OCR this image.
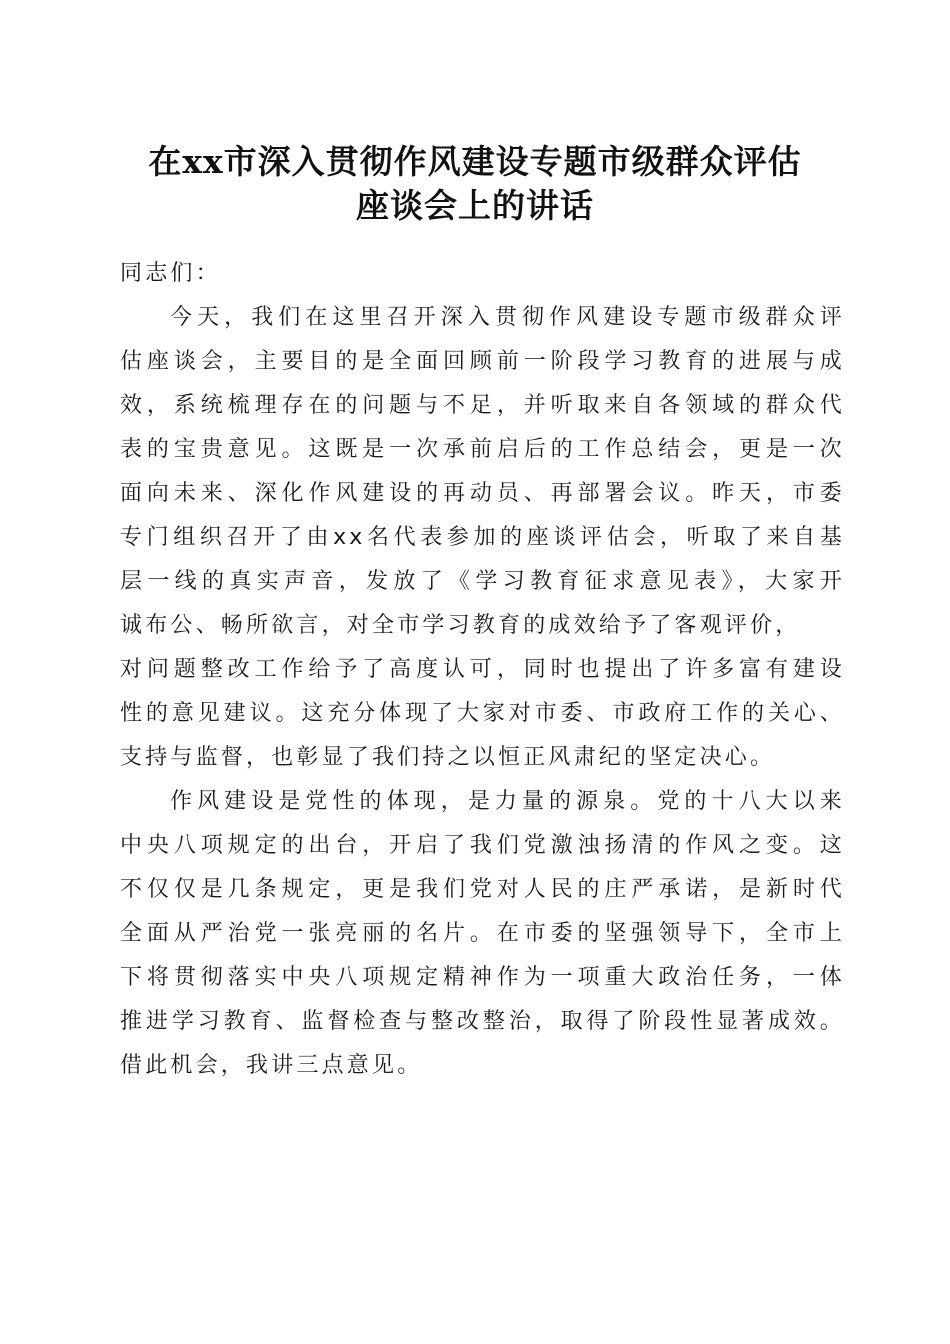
在xx市深入贯彻作风建设专题市级群众评估
座谈会上的讲话
同志们：
今天，我们在这里召开深入贯彻作风建设专题市级群众评
估座谈会，主要目的是全面回顾前一阶段学习教育的进展与成
效，系统梳理存在的问题与不足，并听取来自各领域的群众代
表的宝贵意见。这既是一次承前启后的工作总结会，更是一次
面向未来、深化作风建设的再动员、再部署会议。昨天，市委
专门组织召开了由xx名代表参加的座谈评估会，听取了来自基
层一线的真实声音，发放了《学习教育征求意见表》，大家开
诚布公、畅所欲言，对全市学习教育的成效给予了客观评价，
对问题整改工作给予了高度认可，同时也提出了许多富有建设
性的意见建议。这充分体现了大家对市委、市政府工作的关心、
支持与监督，也彰显了我们持之以恒正风肃纪的坚定决心。
作风建设是党性的体现，是力量的源泉。党的十八大以来
中央八项规定的出台，开启了我们党激浊扬清的作风之变。这
不仅仅是几条规定，更是我们党对人民的庄严承诺，是新时代
全面从严治党一张亮丽的名片。在市委的坚强领导下，全市上
下将贯彻落实中央八项规定精神作为一项重大政治任务，一体
推进学习教育、监督检查与整改整治，取得了阶段性显著成效。
借此机会，我讲三点意见。
